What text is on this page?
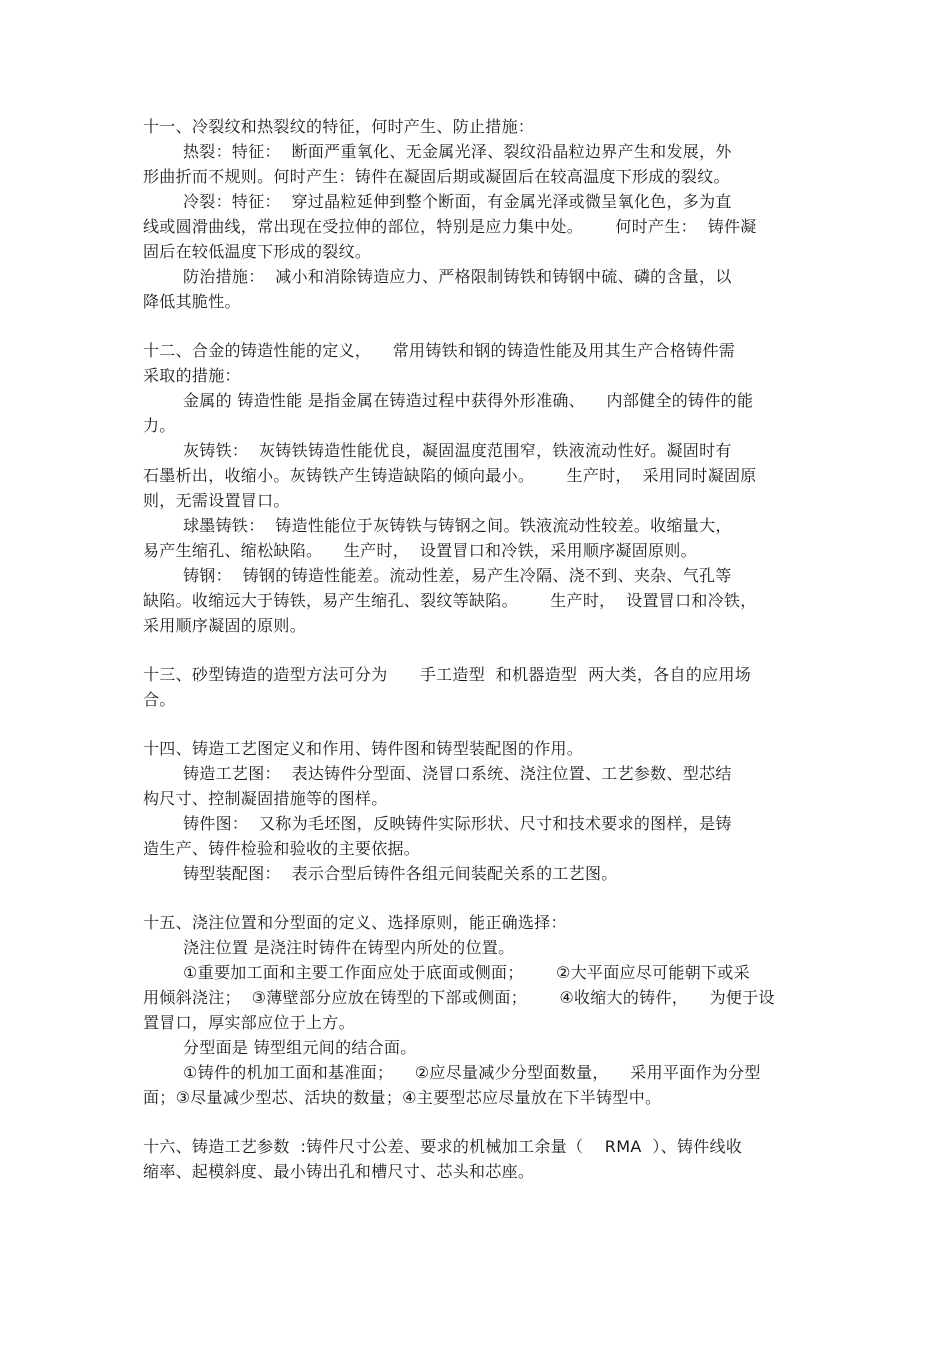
十一、冷裂纹和热裂纹的特征，何时产生、防止措施：
热裂：特征：  断面严重氧化、无金属光泽、裂纹沿晶粒边界产生和发展，外
形曲折而不规则。何时产生：铸件在凝固后期或凝固后在较高温度下形成的裂纹。
冷裂：特征：  穿过晶粒延伸到整个断面，有金属光泽或微呈氧化色，多为直
线或圆滑曲线，常出现在受拉伸的部位，特别是应力集中处。      何时产生：  铸件凝
固后在较低温度下形成的裂纹。
防治措施：  减小和消除铸造应力、严格限制铸铁和铸钢中硫、磷的含量，以
降低其脆性。
十二、合金的铸造性能的定义，    常用铸铁和钢的铸造性能及用其生产合格铸件需
采取的措施：
金属的 铸造性能 是指金属在铸造过程中获得外形准确、    内部健全的铸件的能
力。
灰铸铁：  灰铸铁铸造性能优良，凝固温度范围窄，铁液流动性好。凝固时有
石墨析出，收缩小。灰铸铁产生铸造缺陷的倾向最小。      生产时，  采用同时凝固原
则，无需设置冒口。
球墨铸铁：  铸造性能位于灰铸铁与铸钢之间。铁液流动性较差。收缩量大，
易产生缩孔、缩松缺陷。    生产时，  设置冒口和冷铁，采用顺序凝固原则。
铸钢：  铸钢的铸造性能差。流动性差，易产生冷隔、浇不到、夹杂、气孔等
缺陷。收缩远大于铸铁，易产生缩孔、裂纹等缺陷。      生产时，  设置冒口和冷铁，
采用顺序凝固的原则。
十三、砂型铸造的造型方法可分为      手工造型  和机器造型  两大类，各自的应用场
合。
十四、铸造工艺图定义和作用、铸件图和铸型装配图的作用。
铸造工艺图：  表达铸件分型面、浇冒口系统、浇注位置、工艺参数、型芯结
构尺寸、控制凝固措施等的图样。
铸件图：  又称为毛坯图，反映铸件实际形状、尺寸和技术要求的图样，是铸
造生产、铸件检验和验收的主要依据。
铸型装配图：  表示合型后铸件各组元间装配关系的工艺图。
十五、浇注位置和分型面的定义、选择原则，能正确选择：
浇注位置 是浇注时铸件在铸型内所处的位置。
①重要加工面和主要工作面应处于底面或侧面；      ②大平面应尽可能朝下或采
用倾斜浇注；  ③薄壁部分应放在铸型的下部或侧面；      ④收缩大的铸件，    为便于设
置冒口，厚实部应位于上方。
分型面是 铸型组元间的结合面。
①铸件的机加工面和基准面；    ②应尽量减少分型面数量，    采用平面作为分型
面；③尽量减少型芯、活块的数量；④主要型芯应尽量放在下半铸型中。
十六、铸造工艺参数  :铸件尺寸公差、要求的机械加工余量（    RMA  ）、铸件线收
缩率、起模斜度、最小铸出孔和槽尺寸、芯头和芯座。
